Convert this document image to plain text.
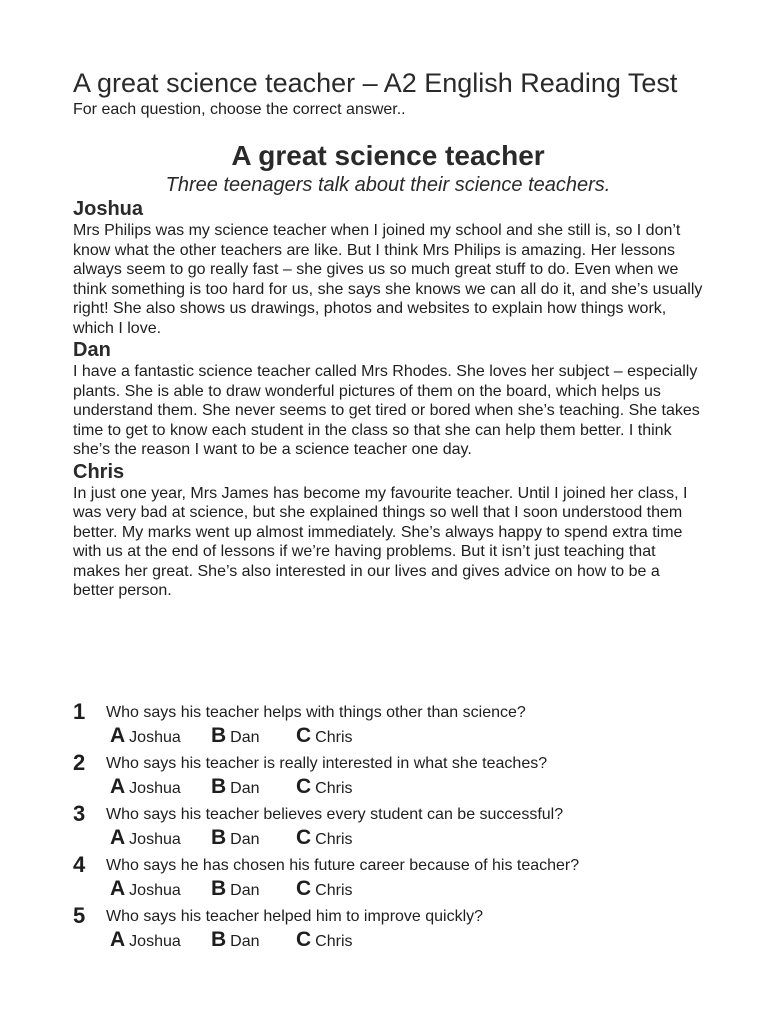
A great science teacher – A2 English Reading Test

For each question, choose the correct answer..

A great science teacher

Three teenagers talk about their science teachers.

Joshua

Mrs Philips was my science teacher when I joined my school and she still is, so I don’t know what the other teachers are like. But I think Mrs Philips is amazing. Her lessons always seem to go really fast – she gives us so much great stuff to do. Even when we think something is too hard for us, she says she knows we can all do it, and she’s usually right! She also shows us drawings, photos and websites to explain how things work, which I love.

Dan

I have a fantastic science teacher called Mrs Rhodes. She loves her subject – especially plants. She is able to draw wonderful pictures of them on the board, which helps us understand them. She never seems to get tired or bored when she’s teaching. She takes time to get to know each student in the class so that she can help them better. I think she’s the reason I want to be a science teacher one day.

Chris

In just one year, Mrs James has become my favourite teacher. Until I joined her class, I was very bad at science, but she explained things so well that I soon understood them better. My marks went up almost immediately. She’s always happy to spend extra time with us at the end of lessons if we’re having problems. But it isn’t just teaching that makes her great. She’s also interested in our lives and gives advice on how to be a better person.

1 Who says his teacher helps with things other than science?
A Joshua B Dan C Chris
2 Who says his teacher is really interested in what she teaches?
A Joshua B Dan C Chris
3 Who says his teacher believes every student can be successful?
A Joshua B Dan C Chris
4 Who says he has chosen his future career because of his teacher?
A Joshua B Dan C Chris
5 Who says his teacher helped him to improve quickly?
A Joshua B Dan C Chris
